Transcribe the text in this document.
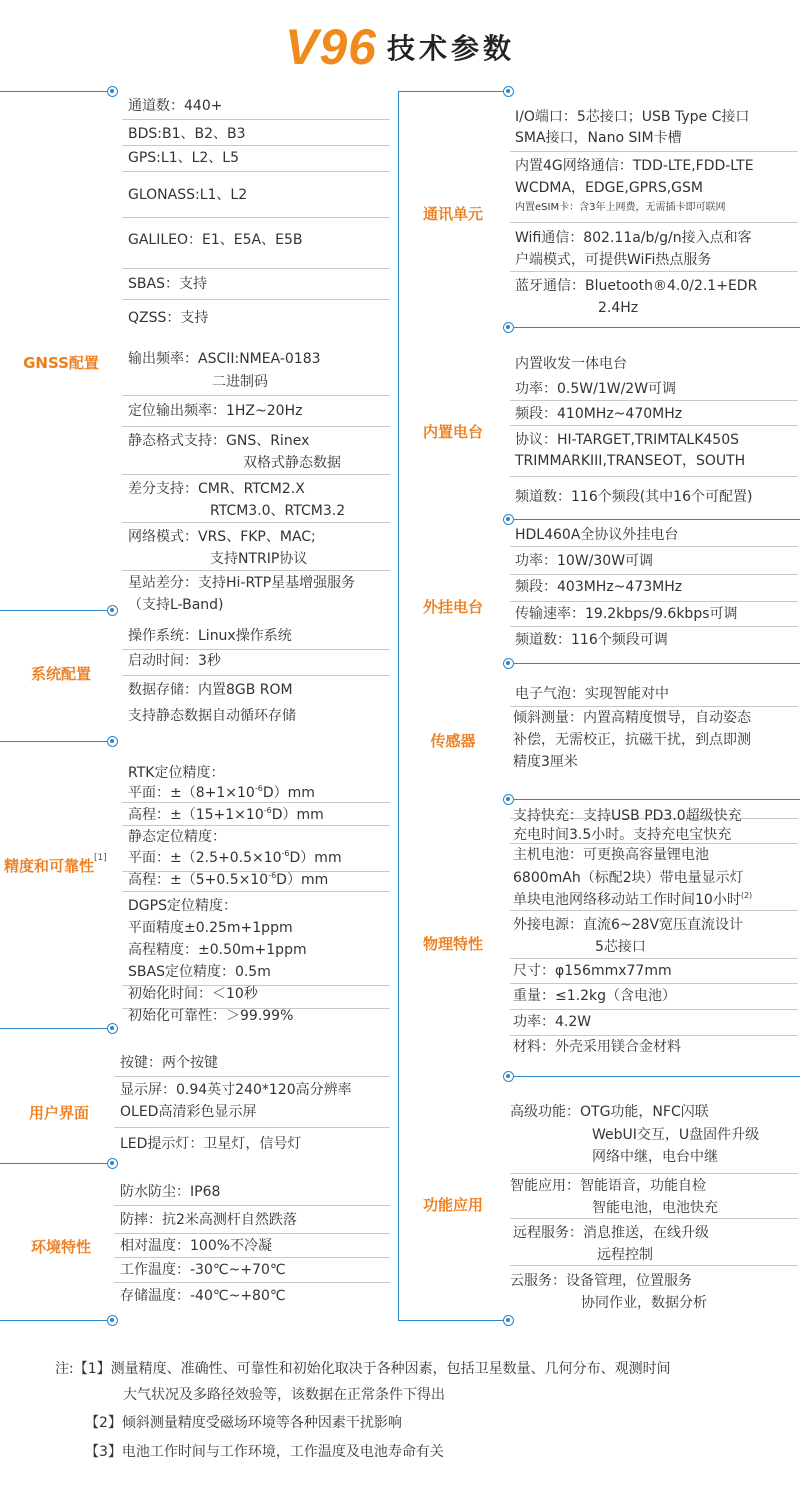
V96 技术参数
GNSS配置
系统配置
精度和可靠性[1]
用户界面
环境特性
通讯单元
内置电台
外挂电台
传感器
物理特性
功能应用
通道数：440+
BDS:B1、B2、B3
GPS:L1、L2、L5
GLONASS:L1、L2
GALILEO：E1、E5A、E5B
SBAS：支持
QZSS：支持
输出频率：ASCII:NMEA-0183
二进制码
定位输出频率：1HZ~20Hz
静态格式支持：GNS、Rinex
双格式静态数据
差分支持：CMR、RTCM2.X
RTCM3.0、RTCM3.2
网络模式：VRS、FKP、MAC;
支持NTRIP协议
星站差分：支持Hi-RTP星基增强服务
（支持L-Band)
操作系统：Linux操作系统
启动时间：3秒
数据存储：内置8GB ROM
支持静态数据自动循环存储
RTK定位精度：
平面：$\pm(8+1\times 10^{-6}D)mm$
高程：$\pm(15+1\times 10^{-6}D)mm$
静态定位精度：
平面：$\pm(2.5+0.5\times 10^{-6}D)mm$
高程：$\pm(5+0.5\times 10^{-6}D)mm$
DGPS定位精度：
平面精度±0.25m+1ppm
高程精度：±0.50m+1ppm
SBAS定位精度：0.5m
初始化时间：＜10秒
初始化可靠性：＞99.99%
按键：两个按键
显示屏：0.94英寸240*120高分辨率
OLED高清彩色显示屏
LED提示灯：卫星灯，信号灯
防水防尘：IP68
防摔：抗2米高测杆自然跌落
相对温度：100%不冷凝
工作温度：-30℃~+70℃
存储温度：-40℃~+80℃
I/O端口：5芯接口；USB Type C接口
SMA接口，Nano SIM卡槽
内置4G网络通信：TDD-LTE,FDD-LTE
WCDMA，EDGE,GPRS,GSM
内置eSIM卡：含3年上网费，无需插卡即可联网
Wifi通信：802.11a/b/g/n接入点和客
户端模式，可提供WiFi热点服务
蓝牙通信：Bluetooth®4.0/2.1+EDR
2.4Hz
内置收发一体电台
功率：0.5W/1W/2W可调
频段：410MHz~470MHz
协议：HI-TARGET,TRIMTALK450S
TRIMMARKIII,TRANSEOT，SOUTH
频道数：116个频段(其中16个可配置)
HDL460A全协议外挂电台
功率：10W/30W可调
频段：403MHz~473MHz
传输速率：19.2kbps/9.6kbps可调
频道数：116个频段可调
电子气泡：实现智能对中
倾斜测量：内置高精度惯导，自动姿态
补偿，无需校正，抗磁干扰，到点即测
精度3厘米
支持快充：支持USB PD3.0超级快充
充电时间3.5小时。支持充电宝快充
主机电池：可更换高容量锂电池
6800mAh（标配2块）带电量显示灯
单块电池网络移动站工作时间10小时$^{(2)}$
外接电源：直流6~28V宽压直流设计
5芯接口
尺寸：φ156mmx77mm
重量：≤1.2kg（含电池）
功率：4.2W
材料：外壳采用镁合金材料
高级功能：OTG功能，NFC闪联
WebUI交互，U盘固件升级
网络中继，电台中继
智能应用：智能语音，功能自检
智能电池，电池快充
远程服务：消息推送，在线升级
远程控制
云服务：设备管理，位置服务
协同作业，数据分析
注:【1】测量精度、准确性、可靠性和初始化取决于各种因素，包括卫星数量、几何分布、观测时间
大气状况及多路径效验等，该数据在正常条件下得出
【2】倾斜测量精度受磁场环境等各种因素干扰影响
【3】电池工作时间与工作环境，工作温度及电池寿命有关
